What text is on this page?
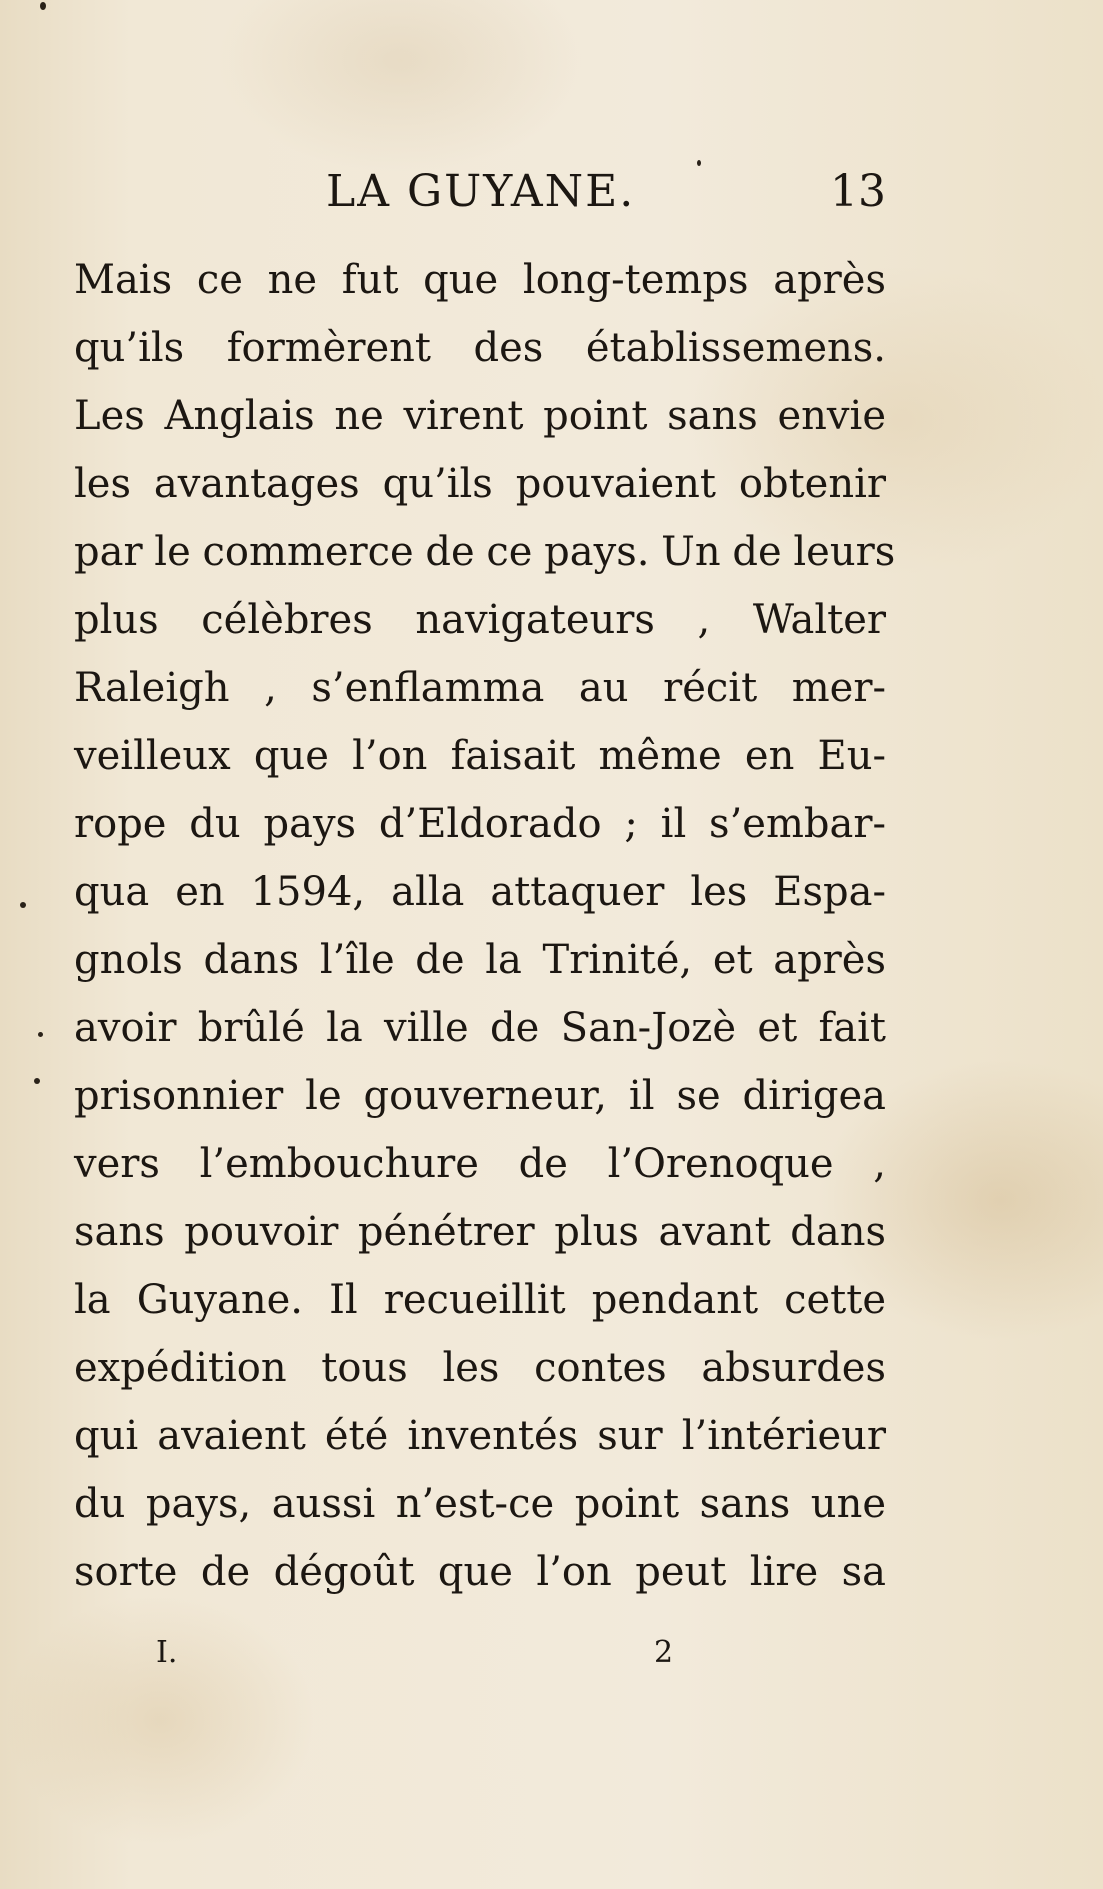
LA GUYANE.	13
Mais ce ne fut que long-temps après
qu’ils formèrent des établissemens.
Les Anglais ne virent point sans envie
les avantages qu’ils pouvaient obtenir
par le commerce de ce pays. Un de leurs
plus célèbres navigateurs , Walter
Raleigh , s’enflamma au récit mer-
veilleux que l’on faisait même en Eu-
rope du pays d’Eldorado ; il s’embar-
qua en 1594, alla attaquer les Espa-
gnols dans l’île de la Trinité, et après
avoir brûlé la ville de San-Jozè et fait
prisonnier le gouverneur, il se dirigea
vers l’embouchure de l’Orenoque ,
sans pouvoir pénétrer plus avant dans
la Guyane. Il recueillit pendant cette
expédition tous les contes absurdes
qui avaient été inventés sur l’intérieur
du pays, aussi n’est-ce point sans une
sorte de dégoût que l’on peut lire sa
I.	2
